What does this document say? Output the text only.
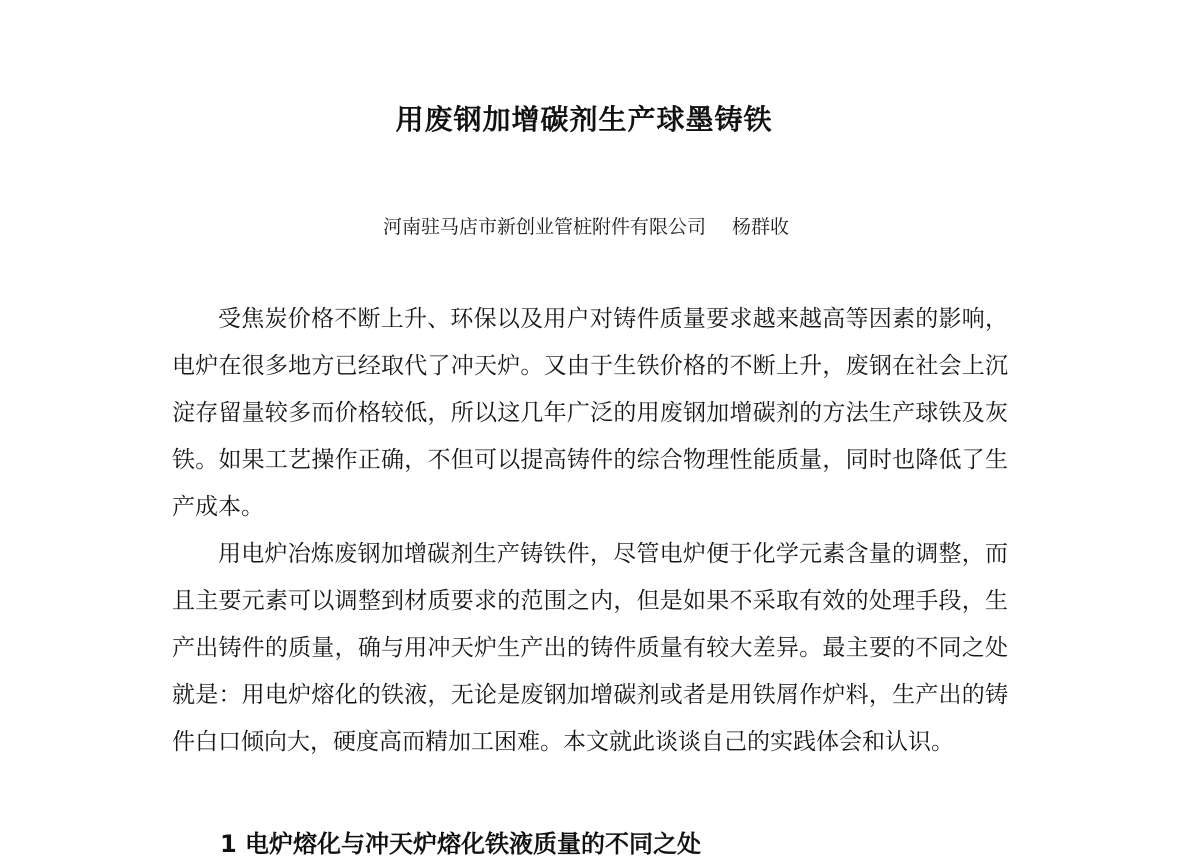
用废钢加增碳剂生产球墨铸铁
河南驻马店市新创业管桩附件有限公司 杨群收

受焦炭价格不断上升、环保以及用户对铸件质量要求越来越高等因素的影响，电炉在很多地方已经取代了冲天炉。又由于生铁价格的不断上升，废钢在社会上沉淀存留量较多而价格较低，所以这几年广泛的用废钢加增碳剂的方法生产球铁及灰铁。如果工艺操作正确，不但可以提高铸件的综合物理性能质量，同时也降低了生产成本。

用电炉冶炼废钢加增碳剂生产铸铁件，尽管电炉便于化学元素含量的调整，而且主要元素可以调整到材质要求的范围之内，但是如果不采取有效的处理手段，生产出铸件的质量，确与用冲天炉生产出的铸件质量有较大差异。最主要的不同之处就是：用电炉熔化的铁液，无论是废钢加增碳剂或者是用铁屑作炉料，生产出的铸件白口倾向大，硬度高而精加工困难。本文就此谈谈自己的实践体会和认识。

1 电炉熔化与冲天炉熔化铁液质量的不同之处
